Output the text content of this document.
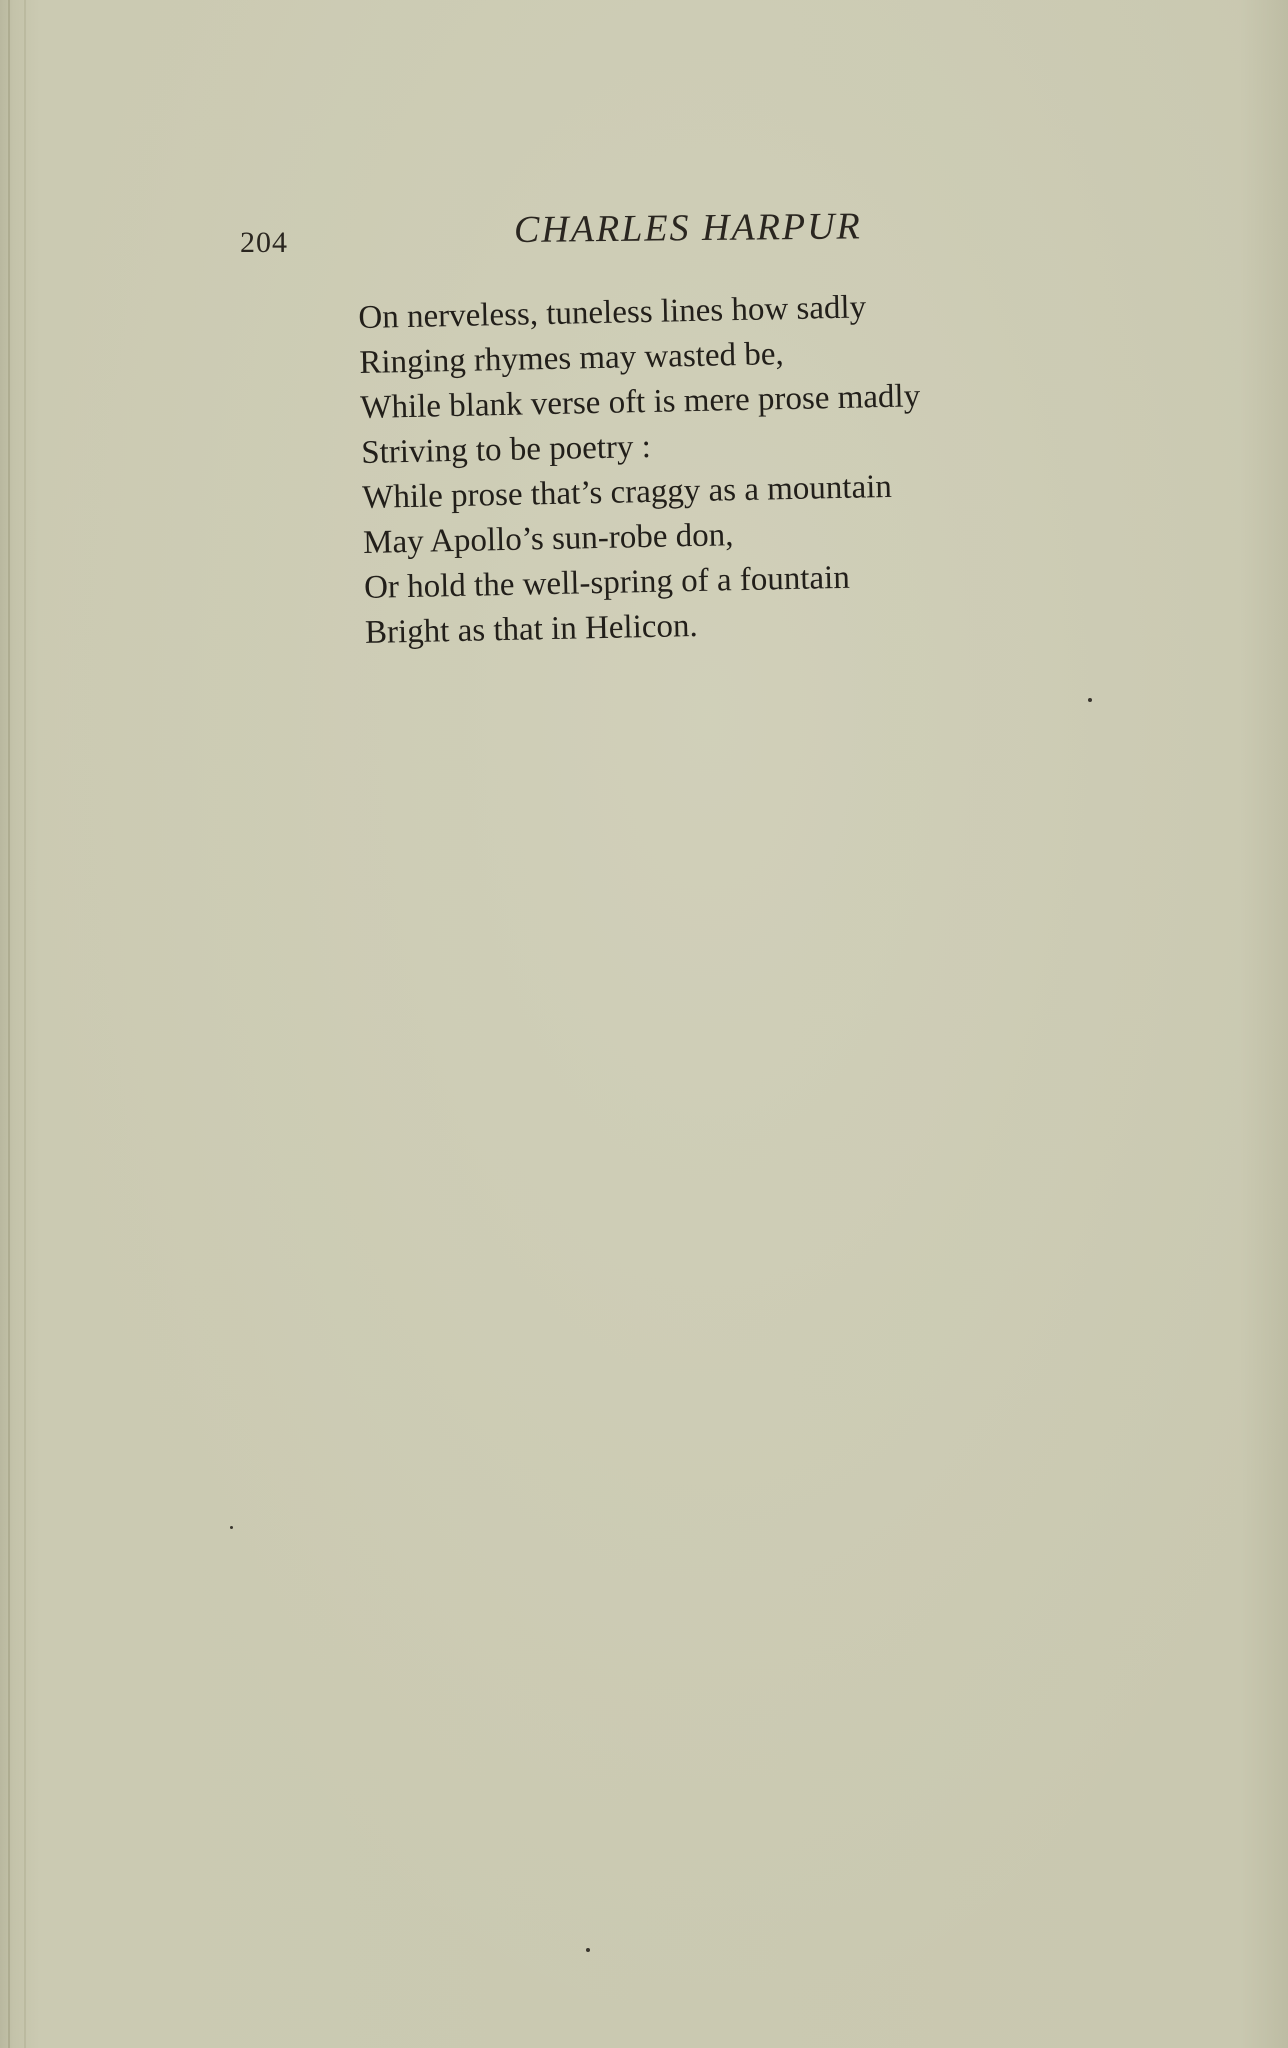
204	CHARLES HARPUR
On nerveless, tuneless lines how sadly
Ringing rhymes may wasted be,
While blank verse oft is mere prose madly
Striving to be poetry :
While prose that’s craggy as a mountain
May Apollo’s sun-robe don,
Or hold the well-spring of a fountain
Bright as that in Helicon.
